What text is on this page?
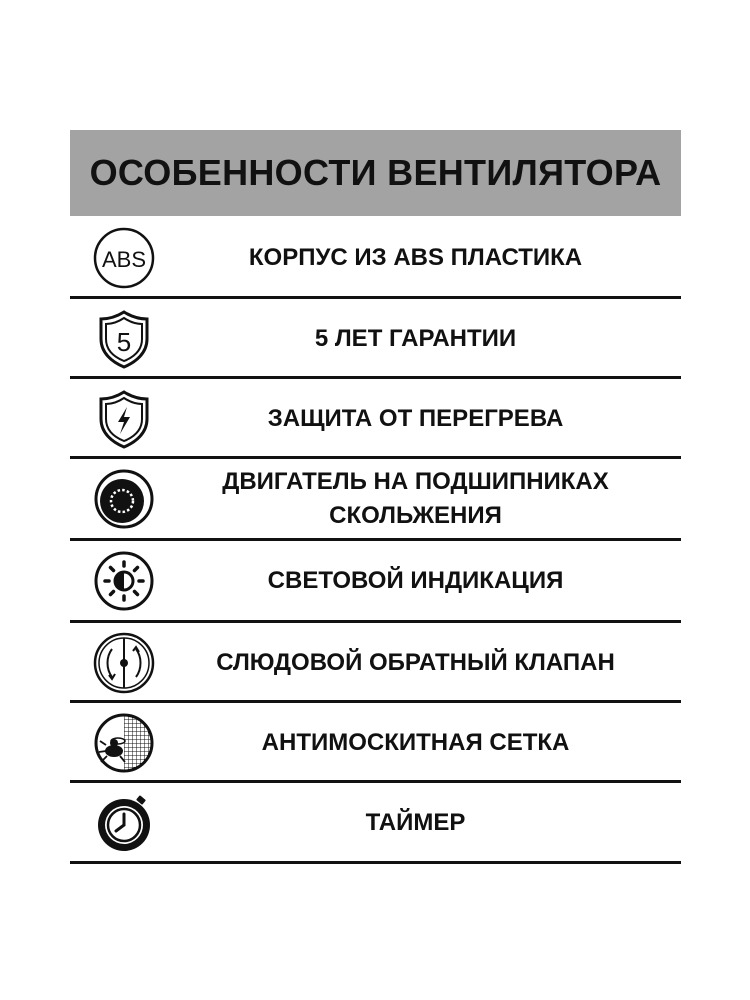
ОСОБЕННОСТИ ВЕНТИЛЯТОРА
ABS	КОРПУС ИЗ ABS ПЛАСТИКА
5	5 ЛЕТ ГАРАНТИИ
ЗАЩИТА ОТ ПЕРЕГРЕВА
ДВИГАТЕЛЬ НА ПОДШИПНИКАХ
СКОЛЬЖЕНИЯ
СВЕТОВОЙ ИНДИКАЦИЯ
СЛЮДОВОЙ ОБРАТНЫЙ КЛАПАН
АНТИМОСКИТНАЯ СЕТКА
ТАЙМЕР
